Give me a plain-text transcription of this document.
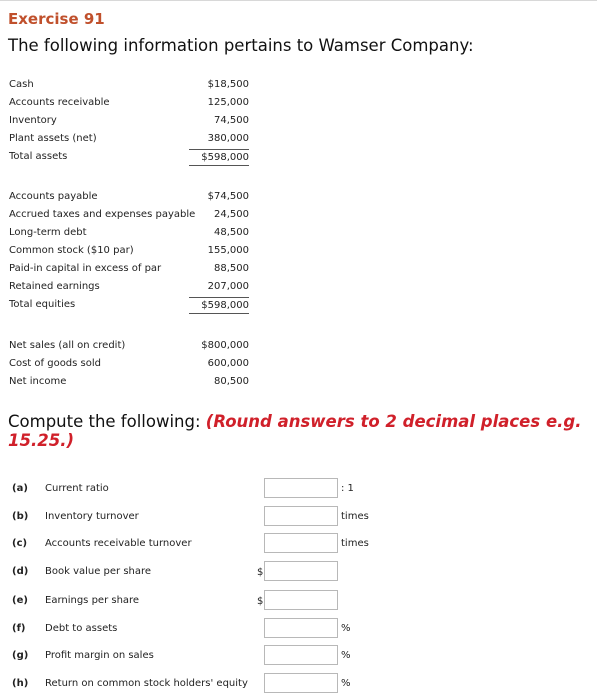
Exercise 91
The following information pertains to Wamser Company:
Cash	$18,500
Accounts receivable	125,000
Inventory	74,500
Plant assets (net)	380,000
Total assets	$598,000
Accounts payable	$74,500
Accrued taxes and expenses payable	24,500
Long-term debt	48,500
Common stock ($10 par)	155,000
Paid-in capital in excess of par	88,500
Retained earnings	207,000
Total equities	$598,000
Net sales (all on credit)	$800,000
Cost of goods sold	600,000
Net income	80,500
Compute the following: (Round answers to 2 decimal places e.g. 15.25.)
(a) Current ratio	: 1
(b) Inventory turnover	times
(c) Accounts receivable turnover	times
(d) Book value per share	$
(e) Earnings per share	$
(f) Debt to assets	%
(g) Profit margin on sales	%
(h) Return on common stock holders' equity	%
